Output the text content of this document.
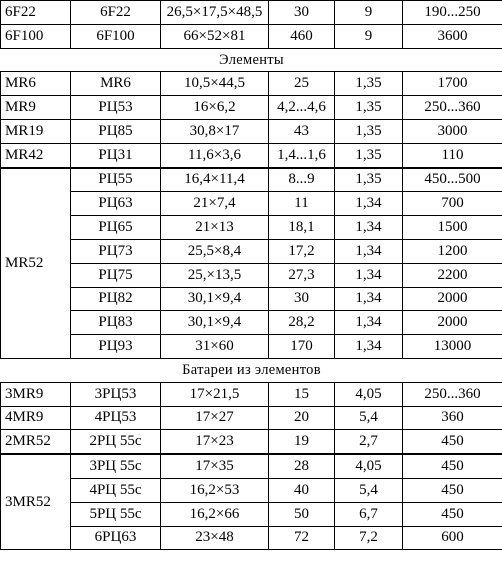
6F22	6F22	26,5×17,5×48,5	30	9	190...250
6F100	6F100	66×52×81	460	9	3600
Элементы					
MR6	MR6	10,5×44,5	25	1,35	1700
MR9	РЦ53	16×6,2	4,2...4,6	1,35	250...360
MR19	РЦ85	30,8×17	43	1,35	3000
MR42	РЦ31	11,6×3,6	1,4...1,6	1,35	110
MR52	РЦ55	16,4×11,4	8...9	1,35	450...500
	РЦ63	21×7,4	11	1,34	700
	РЦ65	21×13	18,1	1,34	1500
	РЦ73	25,5×8,4	17,2	1,34	1200
	РЦ75	25,×13,5	27,3	1,34	2200
	РЦ82	30,1×9,4	30	1,34	2000
	РЦ83	30,1×9,4	28,2	1,34	2000
	РЦ93	31×60	170	1,34	13000
Батареи из элементов					
3MR9	3РЦ53	17×21,5	15	4,05	250...360
4MR9	4РЦ53	17×27	20	5,4	360
2MR52	2РЦ 55с	17×23	19	2,7	450
3MR52	3РЦ 55с	17×35	28	4,05	450
	4РЦ 55с	16,2×53	40	5,4	450
	5РЦ 55с	16,2×66	50	6,7	450
	6РЦ63	23×48	72	7,2	600
